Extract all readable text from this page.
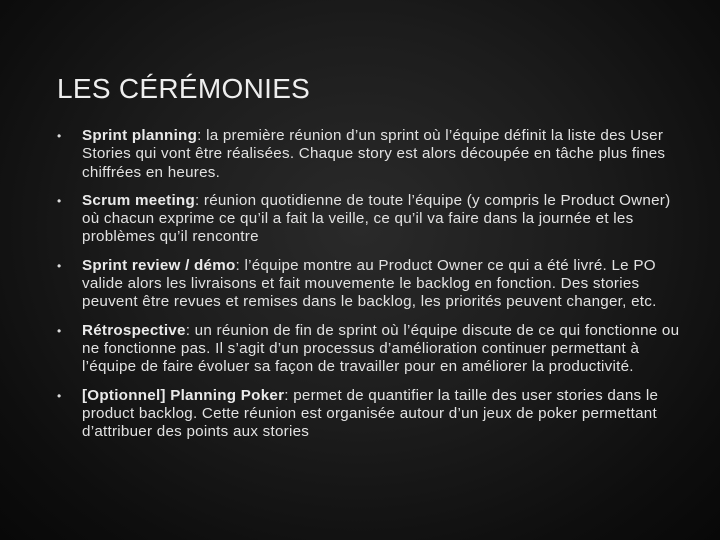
LES CÉRÉMONIES
• Sprint planning: la première réunion d’un sprint où l’équipe définit la liste des User Stories qui vont être réalisées. Chaque story est alors découpée en tâche plus fines chiffrées en heures.
• Scrum meeting: réunion quotidienne de toute l’équipe (y compris le Product Owner) où chacun exprime ce qu’il a fait la veille, ce qu’il va faire dans la journée et les problèmes qu’il rencontre
• Sprint review / démo: l’équipe montre au Product Owner ce qui a été livré. Le PO valide alors les livraisons et fait mouvemente le backlog en fonction. Des stories peuvent être revues et remises dans le backlog, les priorités peuvent changer, etc.
• Rétrospective: un réunion de fin de sprint où l’équipe discute de ce qui fonctionne ou ne fonctionne pas. Il s’agit d’un processus d’amélioration continuer permettant à l’équipe de faire évoluer sa façon de travailler pour en améliorer la productivité.
• [Optionnel] Planning Poker: permet de quantifier la taille des user stories dans le product backlog. Cette réunion est organisée autour d’un jeux de poker permettant d’attribuer des points aux stories
